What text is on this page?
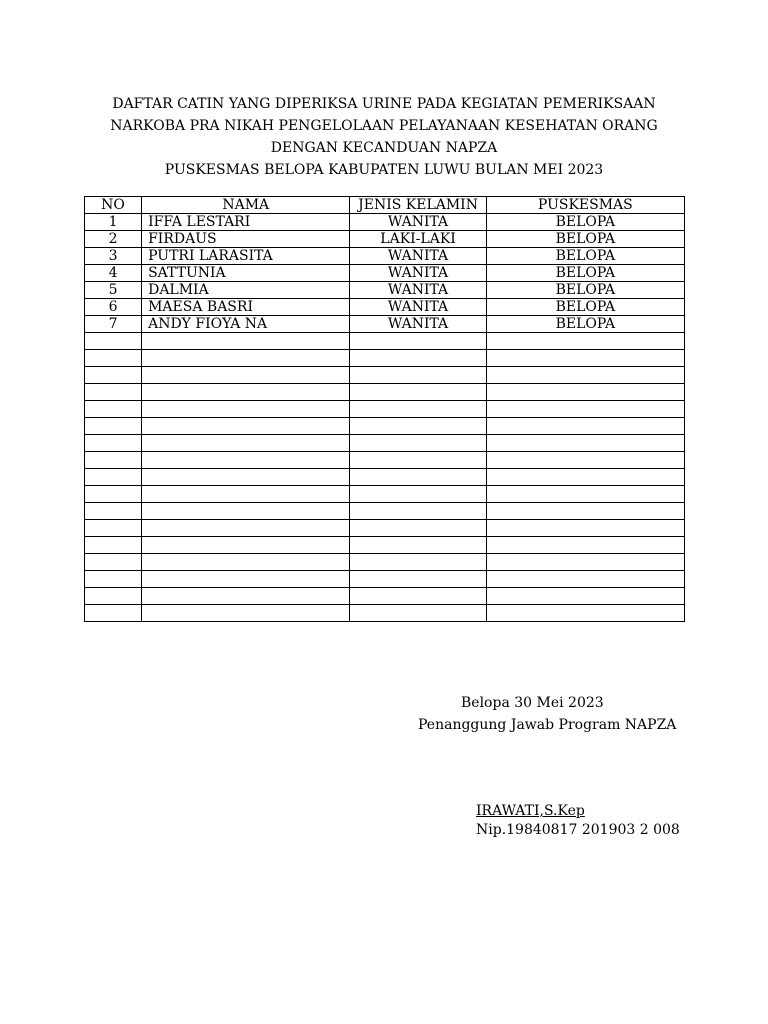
DAFTAR CATIN YANG DIPERIKSA URINE PADA KEGIATAN PEMERIKSAAN
NARKOBA PRA NIKAH PENGELOLAAN PELAYANAAN KESEHATAN ORANG
DENGAN KECANDUAN NAPZA
PUSKESMAS BELOPA KABUPATEN LUWU BULAN MEI 2023
NO	NAMA	JENIS KELAMIN	PUSKESMAS
1	IFFA LESTARI	WANITA	BELOPA
2	FIRDAUS	LAKI-LAKI	BELOPA
3	PUTRI LARASITA	WANITA	BELOPA
4	SATTUNIA	WANITA	BELOPA
5	DALMIA	WANITA	BELOPA
6	MAESA BASRI	WANITA	BELOPA
7	ANDY FIOYA NA	WANITA	BELOPA

Belopa 30 Mei 2023
Penanggung Jawab Program NAPZA
IRAWATI,S.Kep
Nip.19840817 201903 2 008
